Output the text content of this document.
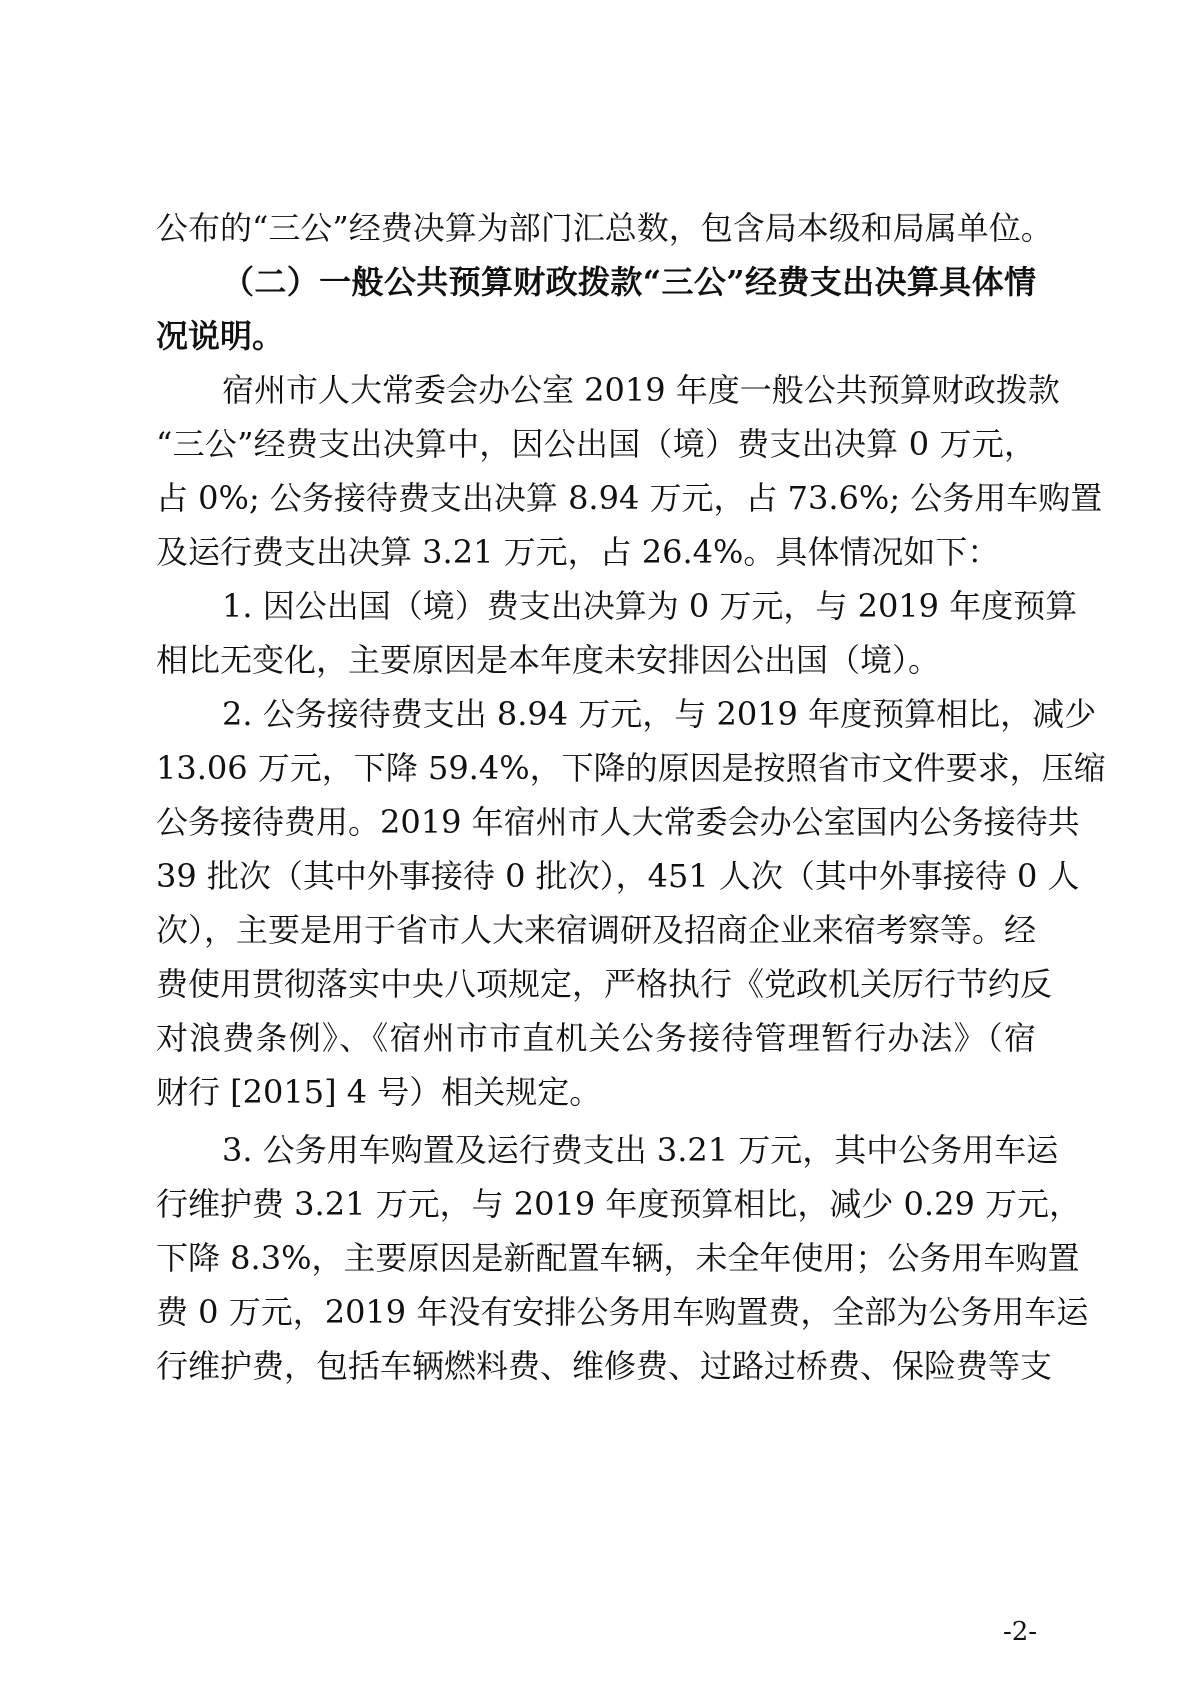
公布的“三公”经费决算为部门汇总数，包含局本级和局属单位。
（二）一般公共预算财政拨款“三公”经费支出决算具体情
况说明。
宿州市人大常委会办公室 2019 年度一般公共预算财政拨款
“三公”经费支出决算中，因公出国（境）费支出决算 0 万元，
占 0%; 公务接待费支出决算 8.94 万元，占 73.6%; 公务用车购置
及运行费支出决算 3.21 万元，占 26.4%。具体情况如下：
1. 因公出国（境）费支出决算为 0 万元，与 2019 年度预算
相比无变化，主要原因是本年度未安排因公出国（境）。
2. 公务接待费支出 8.94 万元，与 2019 年度预算相比，减少
13.06 万元，下降 59.4%，下降的原因是按照省市文件要求，压缩
公务接待费用。2019 年宿州市人大常委会办公室国内公务接待共
39 批次（其中外事接待 0 批次），451 人次（其中外事接待 0 人
次），主要是用于省市人大来宿调研及招商企业来宿考察等。经
费使用贯彻落实中央八项规定，严格执行《党政机关厉行节约反
对浪费条例》、《宿州市市直机关公务接待管理暂行办法》（宿
财行 [2015] 4 号）相关规定。
3. 公务用车购置及运行费支出 3.21 万元，其中公务用车运
行维护费 3.21 万元，与 2019 年度预算相比，减少 0.29 万元，
下降 8.3%，主要原因是新配置车辆，未全年使用；公务用车购置
费 0 万元，2019 年没有安排公务用车购置费，全部为公务用车运
行维护费，包括车辆燃料费、维修费、过路过桥费、保险费等支
-2-
